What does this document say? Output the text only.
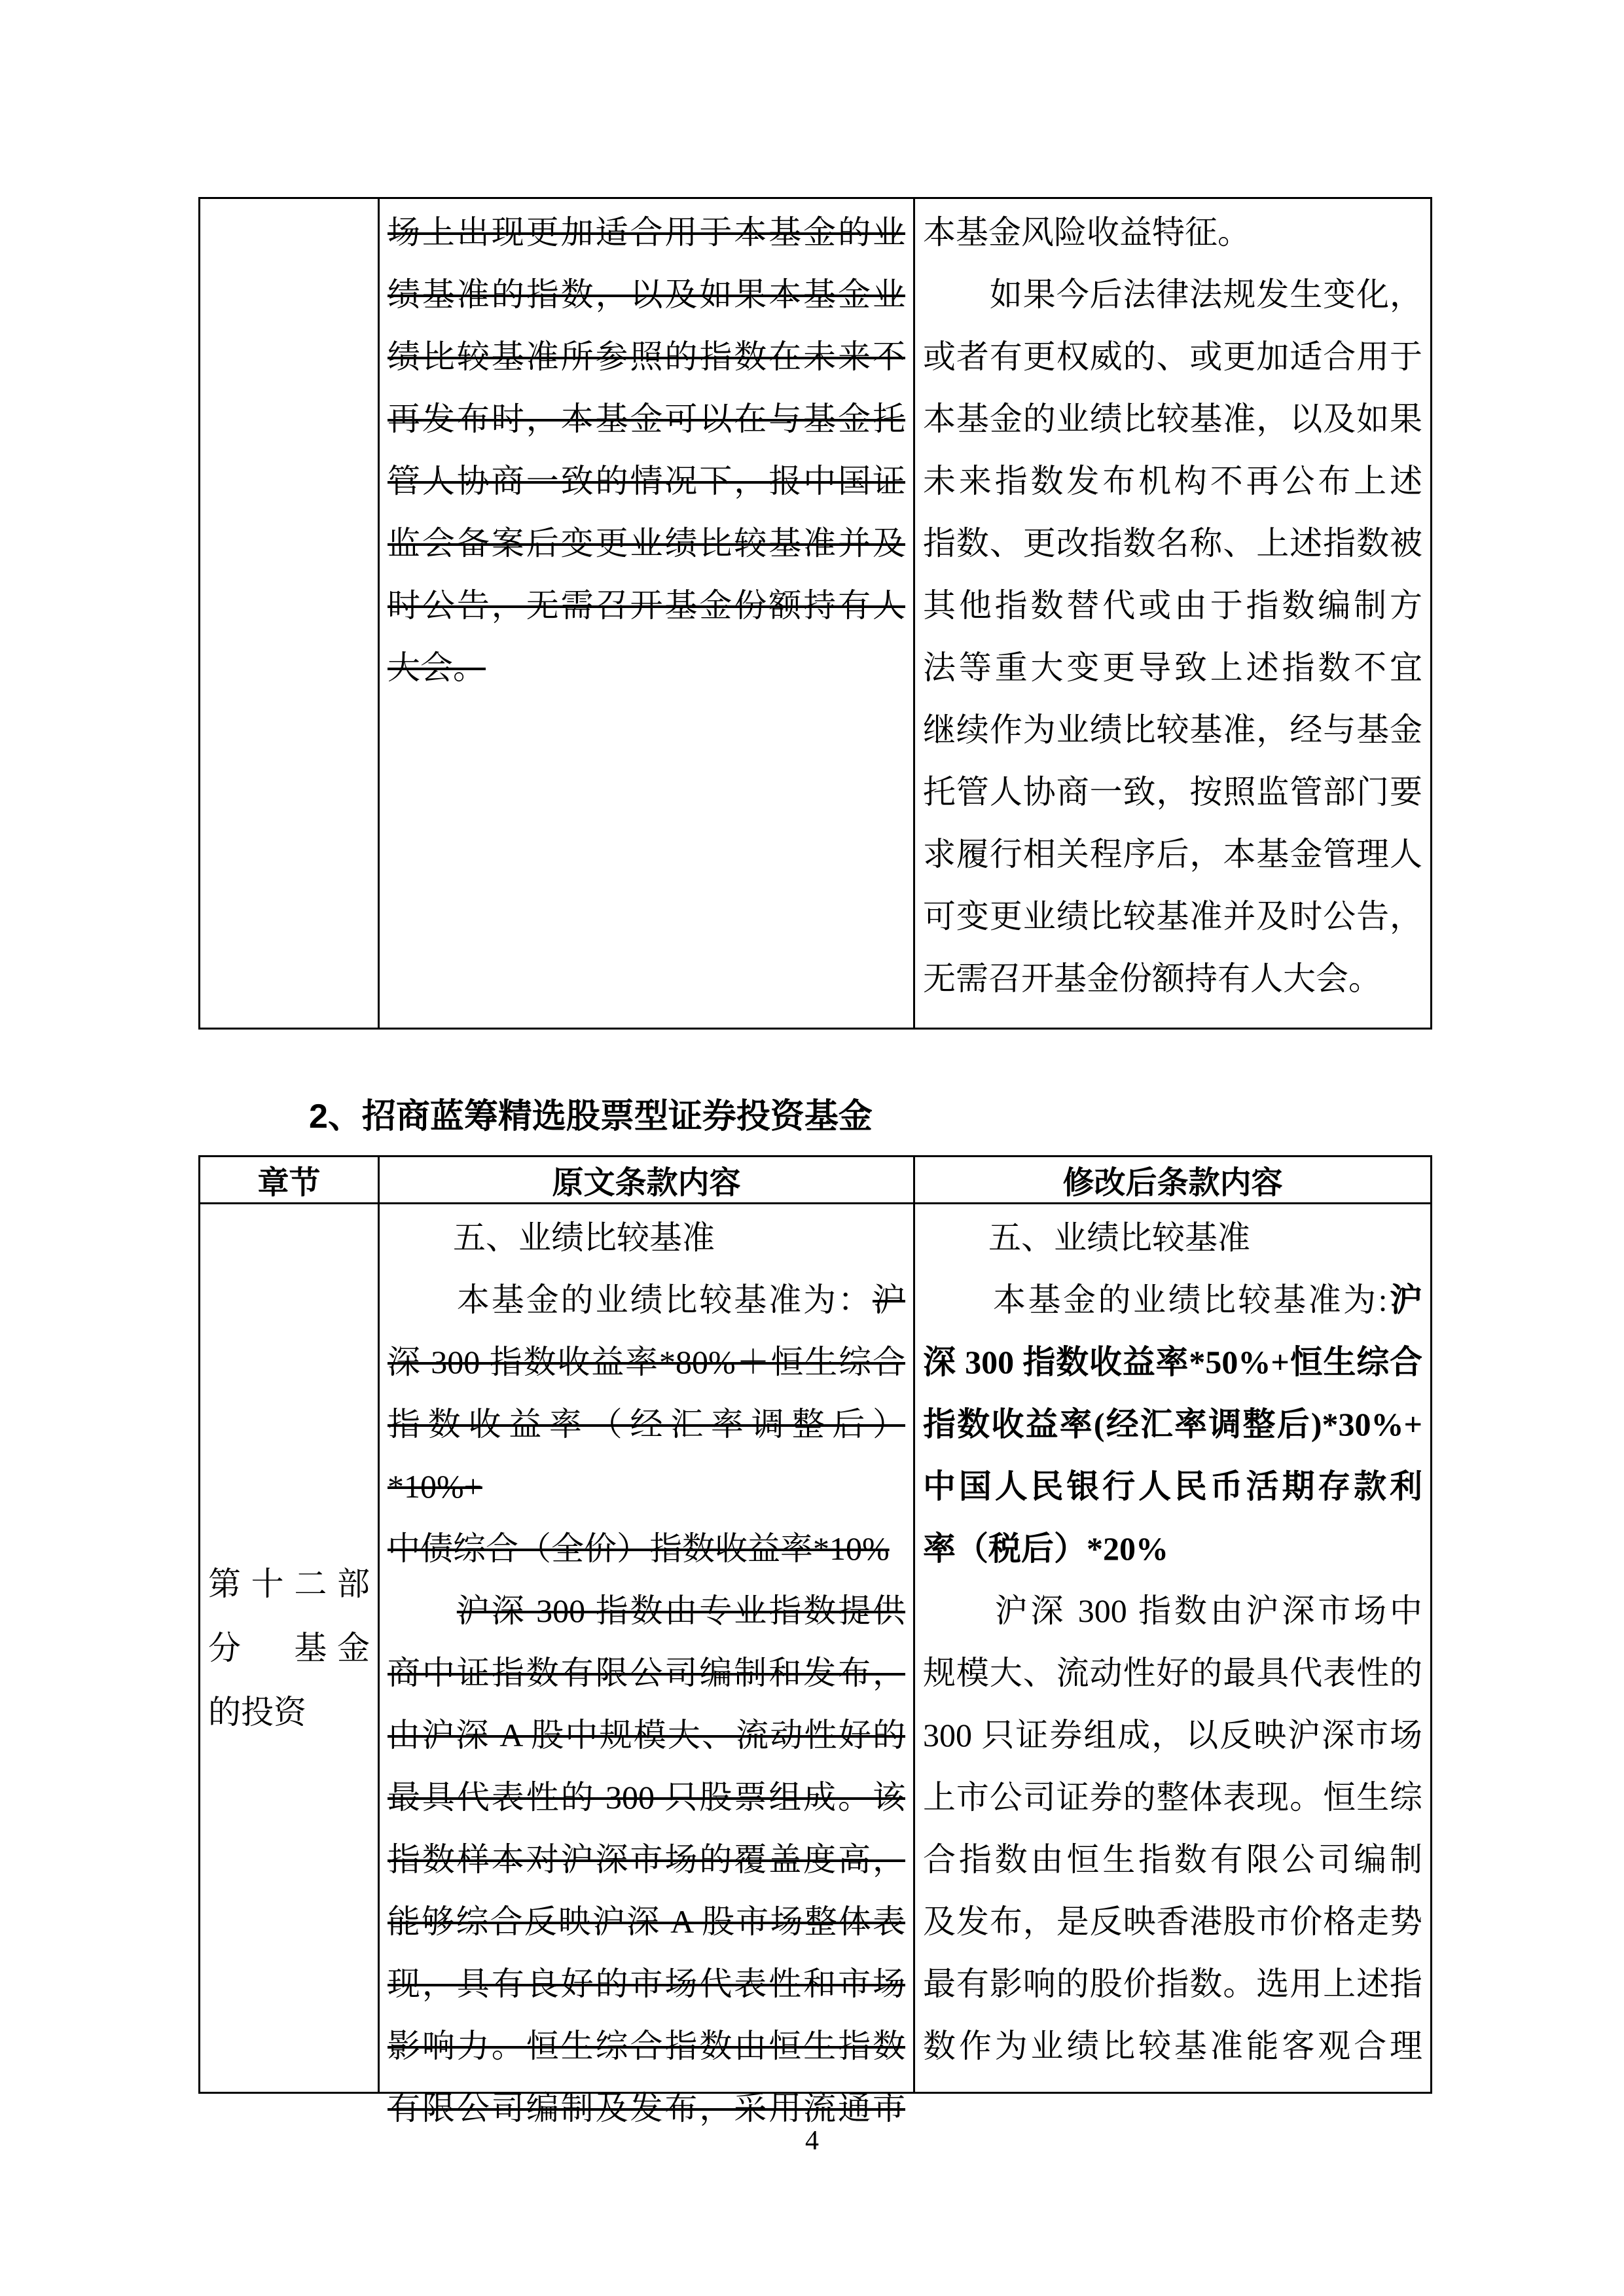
场上出现更加适合用于本基金的业
绩基准的指数，以及如果本基金业
绩比较基准所参照的指数在未来不
再发布时，本基金可以在与基金托
管人协商一致的情况下，报中国证
监会备案后变更业绩比较基准并及
时公告，无需召开基金份额持有人
大会。
本基金风险收益特征。
　　如果今后法律法规发生变化，
或者有更权威的、或更加适合用于
本基金的业绩比较基准，以及如果
未来指数发布机构不再公布上述
指数、更改指数名称、上述指数被
其他指数替代或由于指数编制方
法等重大变更导致上述指数不宜
继续作为业绩比较基准，经与基金
托管人协商一致，按照监管部门要
求履行相关程序后，本基金管理人
可变更业绩比较基准并及时公告，
无需召开基金份额持有人大会。
2、招商蓝筹精选股票型证券投资基金
章节	原文条款内容	修改后条款内容
第十二部
分　基金
的投资
　　五、业绩比较基准
　　本基金的业绩比较基准为：沪
深 300 指数收益率*80%＋恒生综合
指数收益率（经汇率调整后）*10%+
中债综合（全价）指数收益率*10%
　　沪深 300 指数由专业指数提供
商中证指数有限公司编制和发布，
由沪深 A 股中规模大、流动性好的
最具代表性的 300 只股票组成。该
指数样本对沪深市场的覆盖度高，
能够综合反映沪深 A 股市场整体表
现，具有良好的市场代表性和市场
影响力。恒生综合指数由恒生指数
有限公司编制及发布，采用流通市
　　五、业绩比较基准
　　本基金的业绩比较基准为:沪
深 300 指数收益率*50%+恒生综合
指数收益率(经汇率调整后)*30%+
中国人民银行人民币活期存款利
率（税后）*20%
　　沪深 300 指数由沪深市场中
规模大、流动性好的最具代表性的
300 只证券组成，以反映沪深市场
上市公司证券的整体表现。恒生综
合指数由恒生指数有限公司编制
及发布，是反映香港股市价格走势
最有影响的股价指数。选用上述指
数作为业绩比较基准能客观合理
4
